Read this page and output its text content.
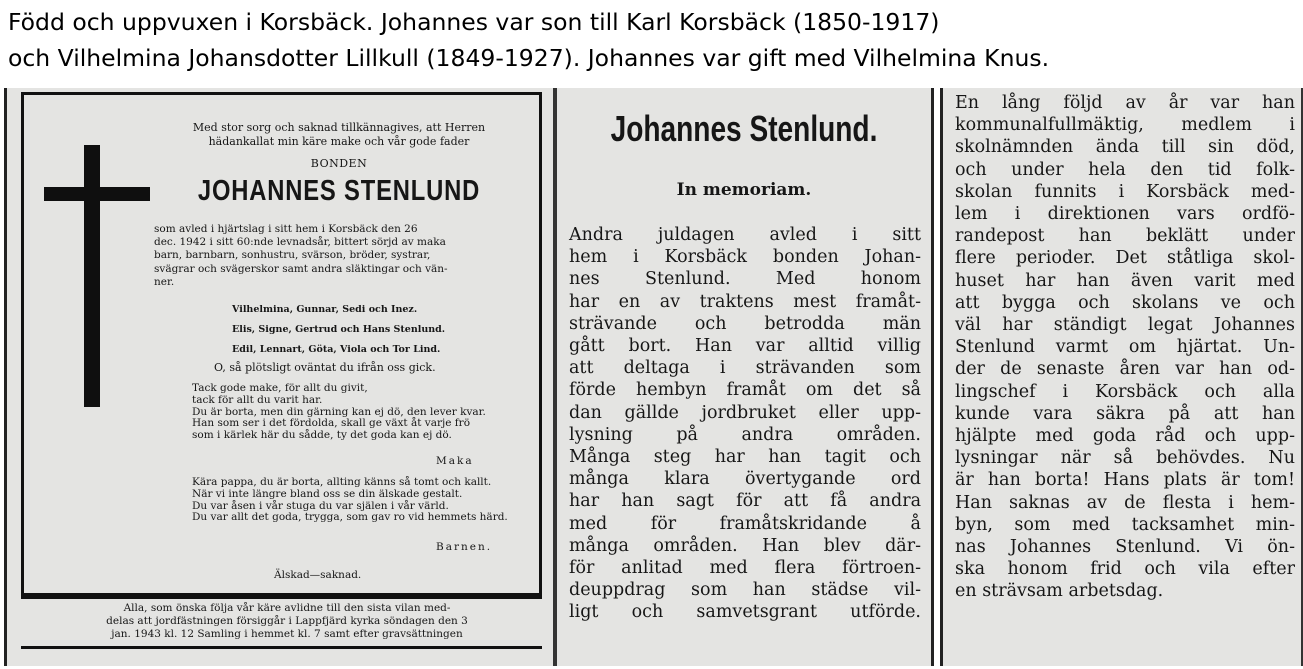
Född och uppvuxen i Korsbäck. Johannes var son till Karl Korsbäck (1850-1917)
och Vilhelmina Johansdotter Lillkull (1849-1927). Johannes var gift med Vilhelmina Knus.
Med stor sorg och saknad tillkännagives, att Herren
hädankallat min käre make och vår gode fader
BONDEN
JOHANNES STENLUND
som avled i hjärtslag i sitt hem i Korsbäck den 26
dec. 1942 i sitt 60:nde levnadsår, bittert sörjd av maka
barn, barnbarn, sonhustru, svärson, bröder, systrar,
svägrar och svägerskor samt andra släktingar och vän-
ner.
Vilhelmina, Gunnar, Sedi och Inez.
Elis, Signe, Gertrud och Hans Stenlund.
Edil, Lennart, Göta, Viola och Tor Lind.
O, så plötsligt oväntat du ifrån oss gick.
Tack gode make, för allt du givit,
tack för allt du varit har.
Du är borta, men din gärning kan ej dö, den lever kvar.
Han som ser i det fördolda, skall ge växt åt varje frö
som i kärlek här du sådde, ty det goda kan ej dö.
Maka
Kära pappa, du är borta, allting känns så tomt och kallt.
När vi inte längre bland oss se din älskade gestalt.
Du var åsen i vår stuga du var själen i vår värld.
Du var allt det goda, trygga, som gav ro vid hemmets härd.
Barnen.
Älskad—saknad.
Alla, som önska följa vår käre avlidne till den sista vilan med-
delas att jordfästningen försiggår i Lappfjärd kyrka söndagen den 3
jan. 1943 kl. 12 Samling i hemmet kl. 7 samt efter gravsättningen
Johannes Stenlund.
In memoriam.
Andra juldagen avled i sitt
hem i Korsbäck bonden Johan-
nes Stenlund. Med honom
har en av traktens mest framåt-
strävande och betrodda män
gått bort. Han var alltid villig
att deltaga i strävanden som
förde hembyn framåt om det så
dan gällde jordbruket eller upp-
lysning på andra områden.
Många steg har han tagit och
många klara övertygande ord
har han sagt för att få andra
med för framåtskridande å
många områden. Han blev där-
för anlitad med flera förtroen-
deuppdrag som han städse vil-
ligt och samvetsgrant utförde.
En lång följd av år var han
kommunalfullmäktig, medlem i
skolnämnden ända till sin död,
och under hela den tid folk-
skolan funnits i Korsbäck med-
lem i direktionen vars ordfö-
randepost han beklätt under
flere perioder. Det ståtliga skol-
huset har han även varit med
att bygga och skolans ve och
väl har ständigt legat Johannes
Stenlund varmt om hjärtat. Un-
der de senaste åren var han od-
lingschef i Korsbäck och alla
kunde vara säkra på att han
hjälpte med goda råd och upp-
lysningar när så behövdes. Nu
är han borta! Hans plats är tom!
Han saknas av de flesta i hem-
byn, som med tacksamhet min-
nas Johannes Stenlund. Vi ön-
ska honom frid och vila efter
en strävsam arbetsdag.
